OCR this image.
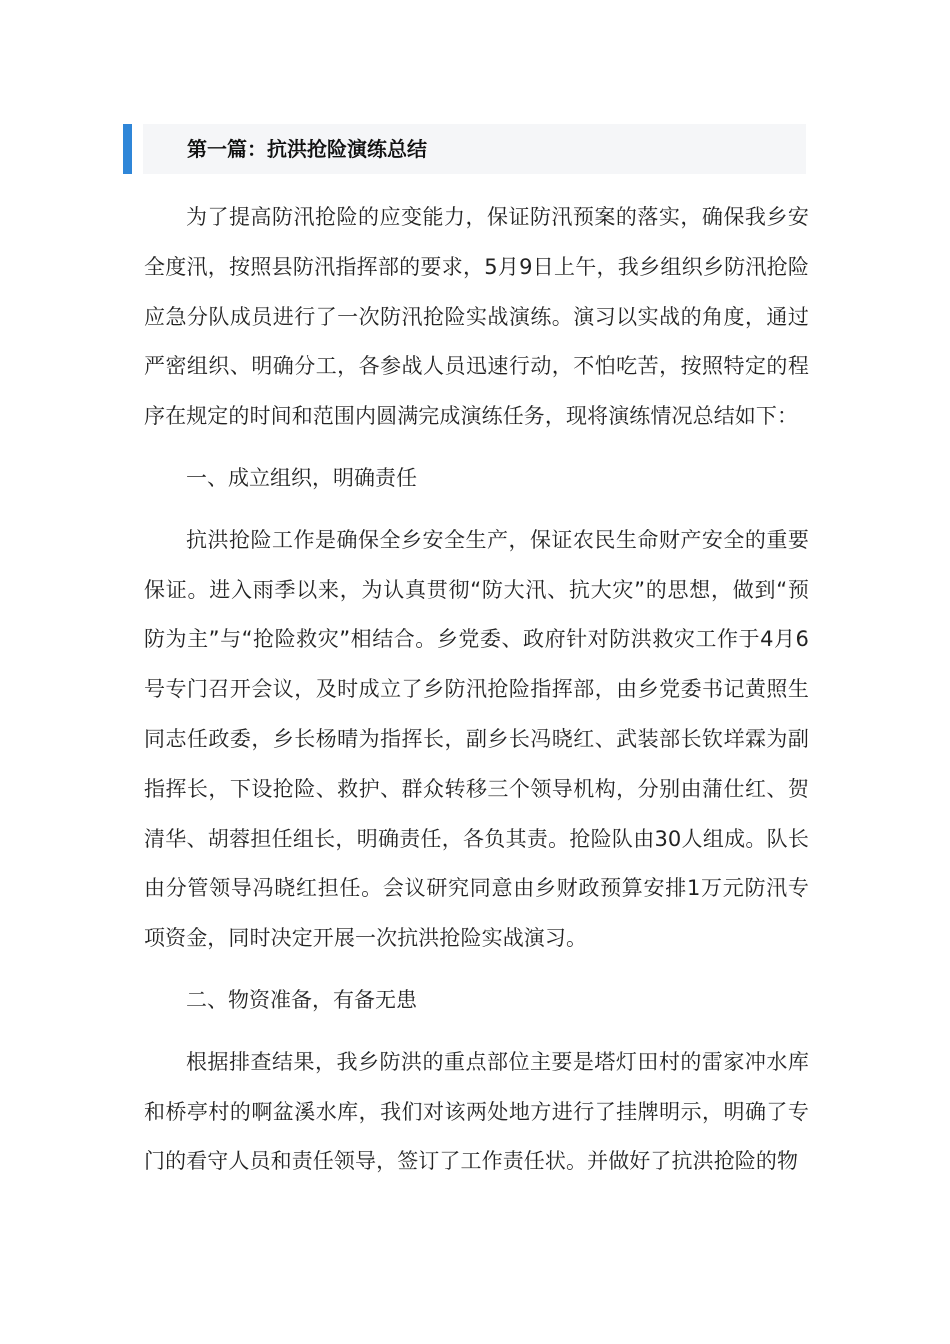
第一篇：抗洪抢险演练总结

为了提高防汛抢险的应变能力，保证防汛预案的落实，确保我乡安全度汛，按照县防汛指挥部的要求，5月9日上午，我乡组织乡防汛抢险应急分队成员进行了一次防汛抢险实战演练。演习以实战的角度，通过严密组织、明确分工，各参战人员迅速行动，不怕吃苦，按照特定的程序在规定的时间和范围内圆满完成演练任务，现将演练情况总结如下：

一、成立组织，明确责任

抗洪抢险工作是确保全乡安全生产，保证农民生命财产安全的重要保证。进入雨季以来，为认真贯彻“防大汛、抗大灾”的思想，做到“预防为主”与“抢险救灾”相结合。乡党委、政府针对防洪救灾工作于4月6号专门召开会议，及时成立了乡防汛抢险指挥部，由乡党委书记黄照生同志任政委，乡长杨晴为指挥长，副乡长冯晓红、武装部长钦垟霖为副指挥长，下设抢险、救护、群众转移三个领导机构，分别由蒲仕红、贺清华、胡蓉担任组长，明确责任，各负其责。抢险队由30人组成。队长由分管领导冯晓红担任。会议研究同意由乡财政预算安排1万元防汛专项资金，同时决定开展一次抗洪抢险实战演习。

二、物资准备，有备无患

根据排查结果，我乡防洪的重点部位主要是塔灯田村的雷家冲水库和桥亭村的啊盆溪水库，我们对该两处地方进行了挂牌明示，明确了专门的看守人员和责任领导，签订了工作责任状。并做好了抗洪抢险的物
